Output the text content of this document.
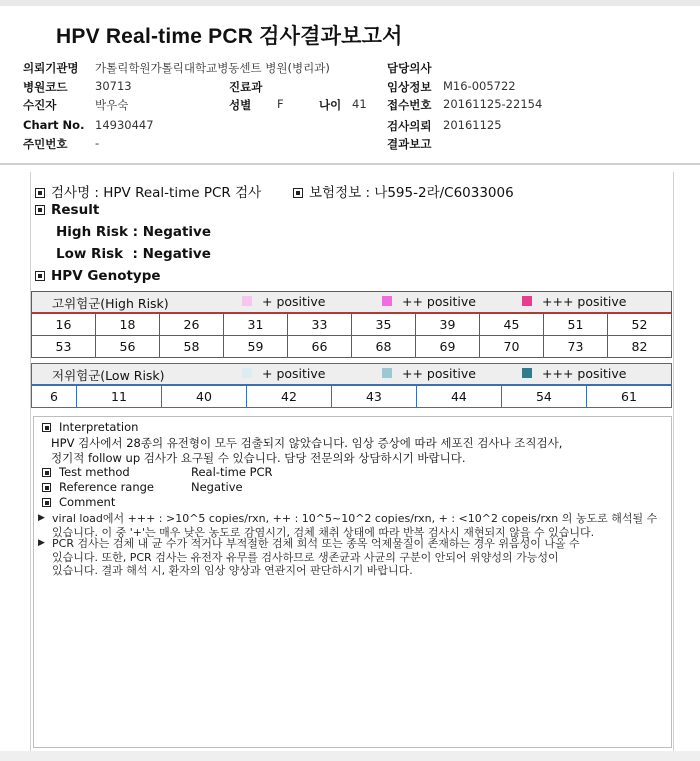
HPV Real-time PCR 검사결과보고서
의뢰기관명 가톨릭학원가톨릭대학교병동센트 병원(병리과)	담당의사
병원코드 30713	진료과	임상정보 M16-005722
수진자	박우숙	성별 F	나이 41 접수번호 20161125-22154
Chart No. 14930447	검사의뢰 20161125
주민번호 -	결과보고
검사명 : HPV Real-time PCR 검사	보험정보 : 나595-2라/C6033006
Result
High Risk : Negative
Low Risk  : Negative
HPV Genotype
고위험군(High Risk)	+ positive	++ positive	+++ positive
16	18	26	31	33	35	39	45	51	52
53	56	58	59	66	68	69	70	73	82
저위험군(Low Risk)	+ positive	++ positive	+++ positive
6	11	40	42	43	44	54	61
Interpretation
HPV 검사에서 28종의 유전형이 모두 검출되지 않았습니다. 임상 증상에 따라 세포진 검사나 조직검사,
정기적 follow up 검사가 요구될 수 있습니다. 담당 전문의와 상담하시기 바랍니다.
Test method	Real-time PCR
Reference range	Negative
Comment
▶ viral load에서 +++ : >10^5 copies/rxn, ++ : 10^5~10^2 copies/rxn, + : <10^2 copeis/rxn 의 농도로 해석될 수
있습니다. 이 중 '+'는 매우 낮은 농도로 감염시기, 검체 채취 상태에 따라 반복 검사시 재현되지 않을 수 있습니다.
▶ PCR 검사는 검체 내 균 수가 적거나 부적절한 검체 희석 또는 종목 억제물질이 존재하는 경우 위음성이 나올 수
있습니다. 또한, PCR 검사는 유전자 유무를 검사하므로 생존균과 사균의 구분이 안되어 위양성의 가능성이
있습니다. 결과 해석 시, 환자의 임상 양상과 연관지어 판단하시기 바랍니다.
